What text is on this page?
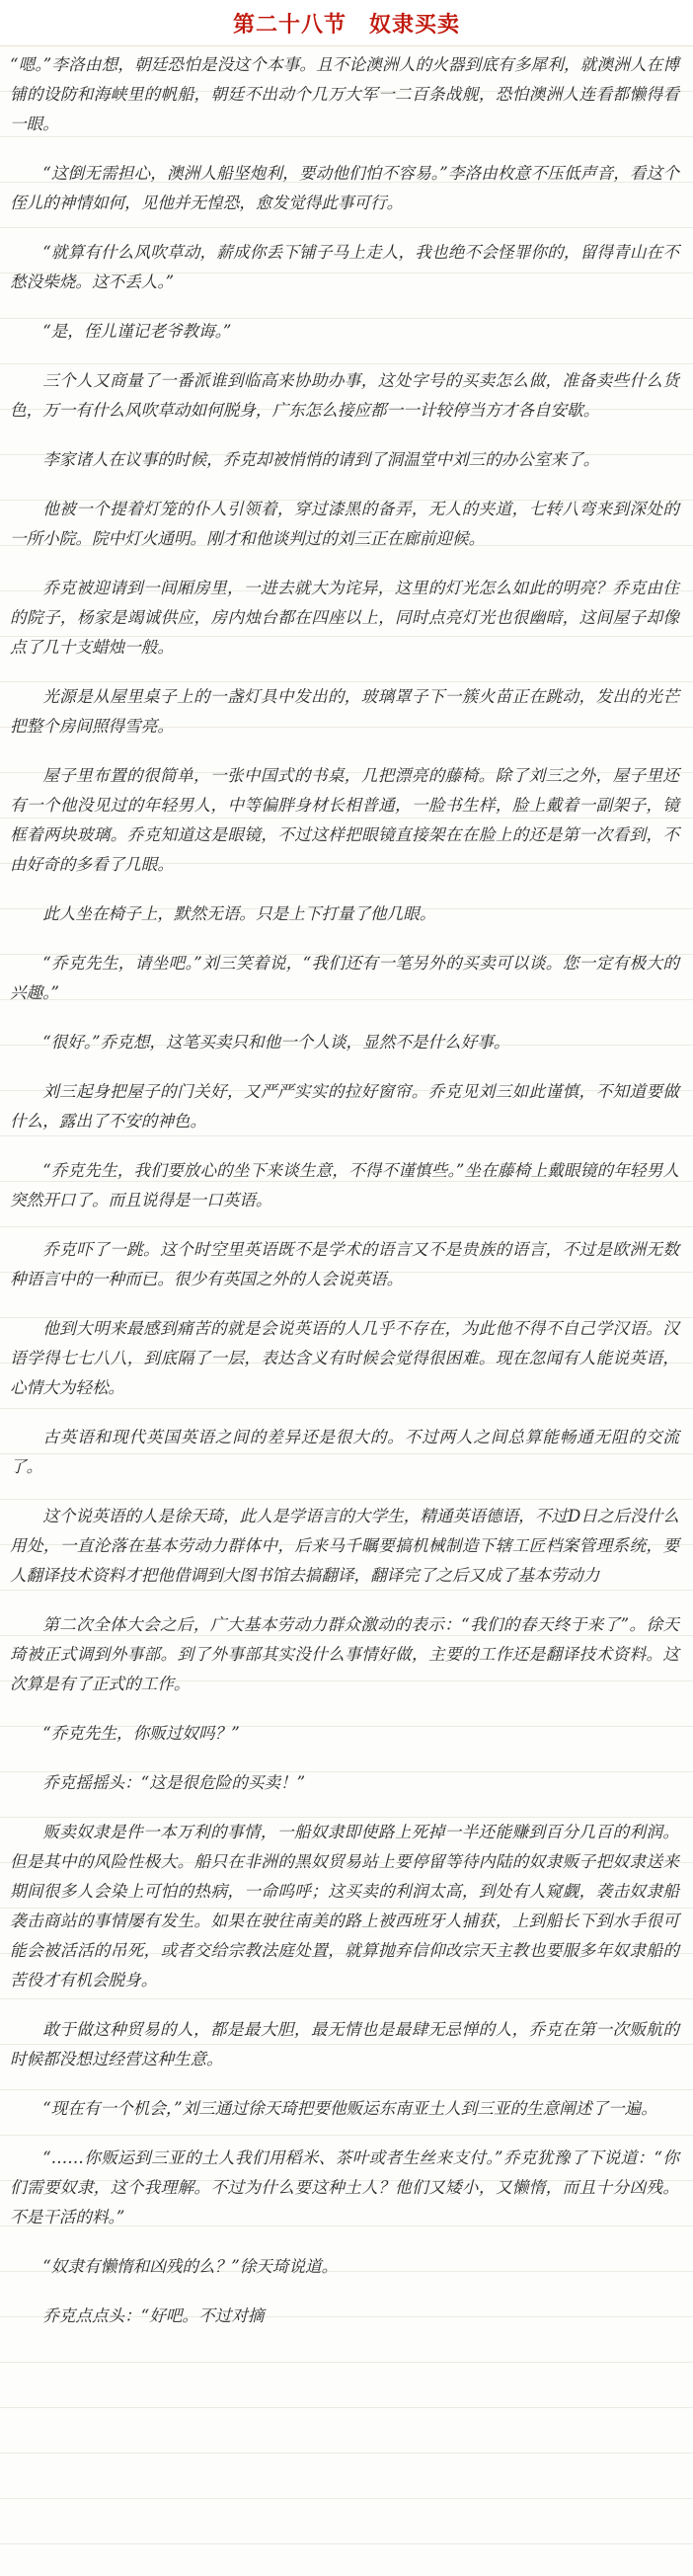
第二十八节　奴隶买卖

“嗯。”李洛由想，朝廷恐怕是没这个本事。且不论澳洲人的火器到底有多犀利，就澳洲人在博铺的设防和海峡里的帆船，朝廷不出动个几万大军一二百条战舰，恐怕澳洲人连看都懒得看一眼。

“这倒无需担心，澳洲人船坚炮利，要动他们怕不容易。”李洛由枚意不压低声音，看这个侄儿的神情如何，见他并无惶恐，愈发觉得此事可行。

“就算有什么风吹草动，薪成你丢下铺子马上走人，我也绝不会怪罪你的，留得青山在不愁没柴烧。这不丢人。”

“是，侄儿谨记老爷教诲。”

三个人又商量了一番派谁到临高来协助办事，这处字号的买卖怎么做，准备卖些什么货色，万一有什么风吹草动如何脱身，广东怎么接应都一一计较停当方才各自安歇。

李家诸人在议事的时候，乔克却被悄悄的请到了洞温堂中刘三的办公室来了。

他被一个提着灯笼的仆人引领着，穿过漆黑的备弄，无人的夹道，七转八弯来到深处的一所小院。院中灯火通明。刚才和他谈判过的刘三正在廊前迎候。

乔克被迎请到一间厢房里，一进去就大为诧异，这里的灯光怎么如此的明亮？乔克由住的院子，杨家是竭诚供应，房内烛台都在四座以上，同时点亮灯光也很幽暗，这间屋子却像点了几十支蜡烛一般。

光源是从屋里桌子上的一盏灯具中发出的，玻璃罩子下一簇火苗正在跳动，发出的光芒把整个房间照得雪亮。

屋子里布置的很简单，一张中国式的书桌，几把漂亮的藤椅。除了刘三之外，屋子里还有一个他没见过的年轻男人，中等偏胖身材长相普通，一脸书生样，脸上戴着一副架子，镜框着两块玻璃。乔克知道这是眼镜，不过这样把眼镜直接架在在脸上的还是第一次看到，不由好奇的多看了几眼。

此人坐在椅子上，默然无语。只是上下打量了他几眼。

“乔克先生，请坐吧。”刘三笑着说，“我们还有一笔另外的买卖可以谈。您一定有极大的兴趣。”

“很好。”乔克想，这笔买卖只和他一个人谈，显然不是什么好事。

刘三起身把屋子的门关好，又严严实实的拉好窗帘。乔克见刘三如此谨慎，不知道要做什么，露出了不安的神色。

“乔克先生，我们要放心的坐下来谈生意，不得不谨慎些。”坐在藤椅上戴眼镜的年轻男人突然开口了。而且说得是一口英语。

乔克吓了一跳。这个时空里英语既不是学术的语言又不是贵族的语言，不过是欧洲无数种语言中的一种而已。很少有英国之外的人会说英语。

他到大明来最感到痛苦的就是会说英语的人几乎不存在，为此他不得不自己学汉语。汉语学得七七八八，到底隔了一层，表达含义有时候会觉得很困难。现在忽闻有人能说英语，心情大为轻松。

古英语和现代英国英语之间的差异还是很大的。不过两人之间总算能畅通无阻的交流了。

这个说英语的人是徐天琦，此人是学语言的大学生，精通英语德语，不过D日之后没什么用处，一直沦落在基本劳动力群体中，后来马千瞩要搞机械制造下辖工匠档案管理系统，要人翻译技术资料才把他借调到大图书馆去搞翻译，翻译完了之后又成了基本劳动力

第二次全体大会之后，广大基本劳动力群众激动的表示：“我们的春天终于来了”。徐天琦被正式调到外事部。到了外事部其实没什么事情好做，主要的工作还是翻译技术资料。这次算是有了正式的工作。

“乔克先生，你贩过奴吗？”

乔克摇摇头：“这是很危险的买卖！”

贩卖奴隶是件一本万利的事情，一船奴隶即使路上死掉一半还能赚到百分几百的利润。但是其中的风险性极大。船只在非洲的黑奴贸易站上要停留等待内陆的奴隶贩子把奴隶送来期间很多人会染上可怕的热病，一命呜呼；这买卖的利润太高，到处有人窥觑，袭击奴隶船袭击商站的事情屡有发生。如果在驶往南美的路上被西班牙人捕获，上到船长下到水手很可能会被活活的吊死，或者交给宗教法庭处置，就算抛弃信仰改宗天主教也要服多年奴隶船的苦役才有机会脱身。

敢于做这种贸易的人，都是最大胆，最无情也是最肆无忌惮的人，乔克在第一次贩航的时候都没想过经营这种生意。

“现在有一个机会，”刘三通过徐天琦把要他贩运东南亚土人到三亚的生意阐述了一遍。

“……你贩运到三亚的土人我们用稻米、茶叶或者生丝来支付。”乔克犹豫了下说道：“你们需要奴隶，这个我理解。不过为什么要这种土人？他们又矮小，又懒惰，而且十分凶残。不是干活的料。”

“奴隶有懒惰和凶残的么？”徐天琦说道。

乔克点点头：“好吧。不过对摘
